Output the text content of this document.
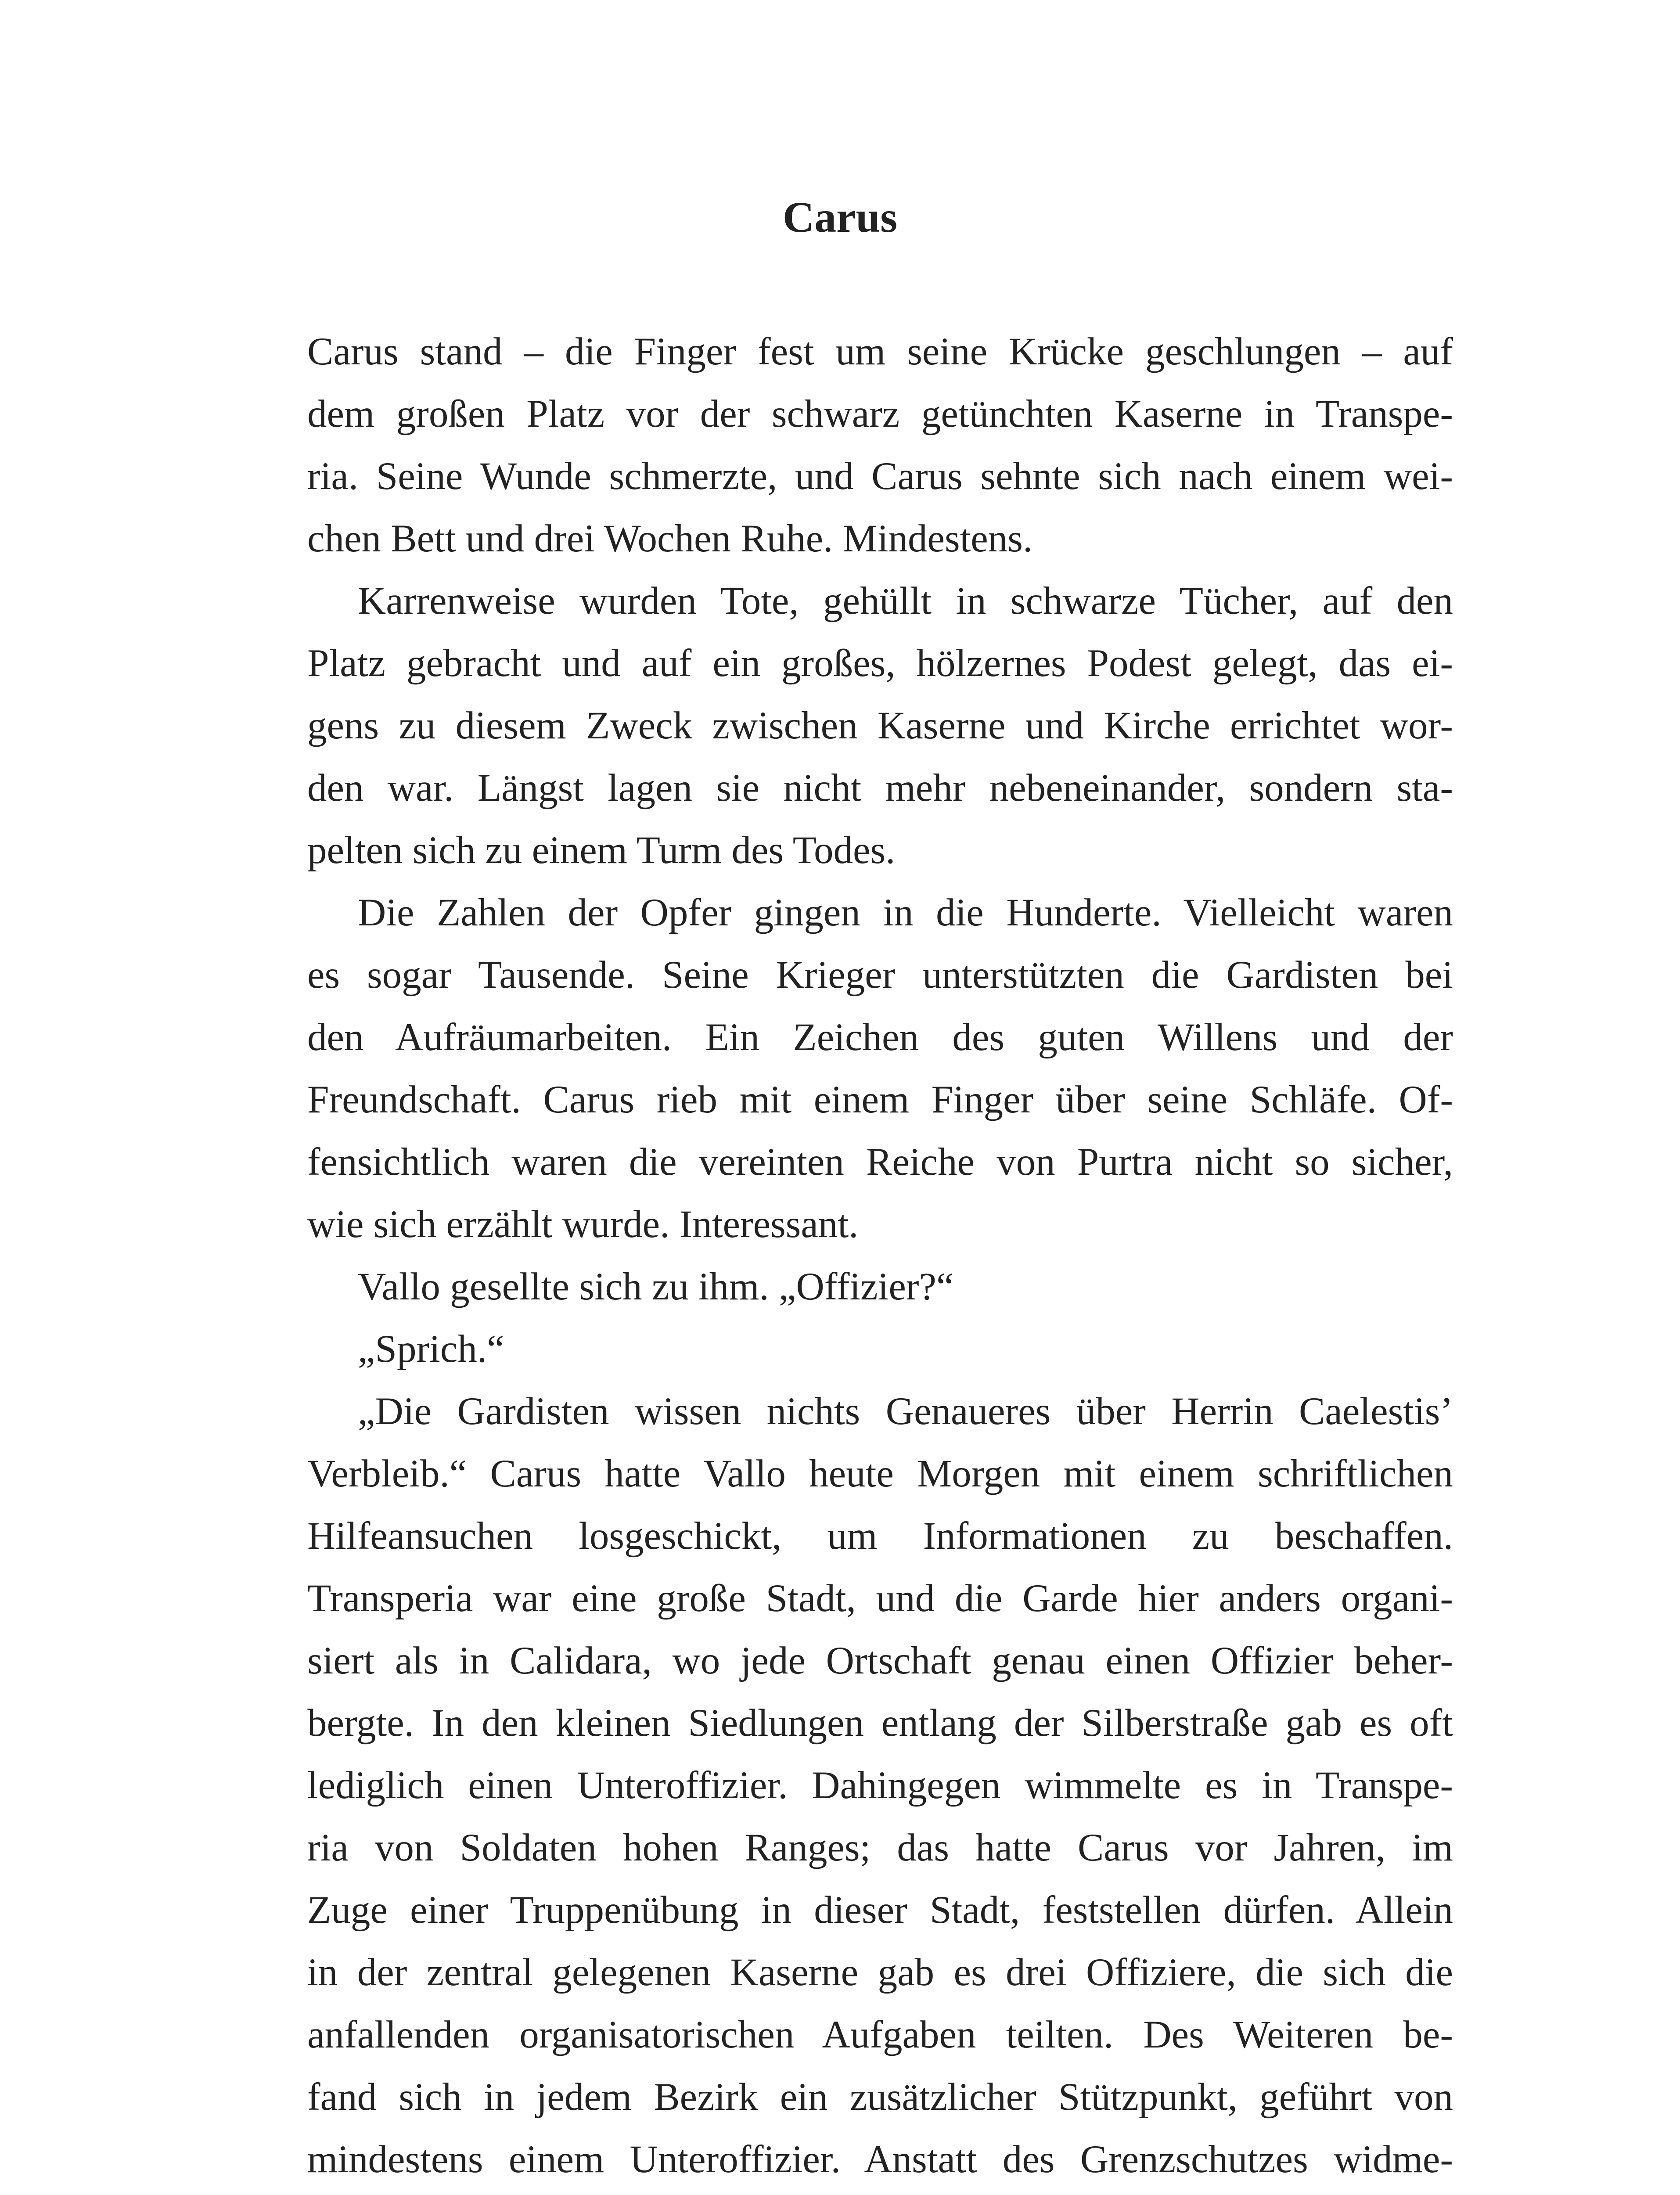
Carus

Carus stand – die Finger fest um seine Krücke geschlungen – auf
dem großen Platz vor der schwarz getünchten Kaserne in Transpe-
ria. Seine Wunde schmerzte, und Carus sehnte sich nach einem wei-
chen Bett und drei Wochen Ruhe. Mindestens.

Karrenweise wurden Tote, gehüllt in schwarze Tücher, auf den
Platz gebracht und auf ein großes, hölzernes Podest gelegt, das ei-
gens zu diesem Zweck zwischen Kaserne und Kirche errichtet wor-
den war. Längst lagen sie nicht mehr nebeneinander, sondern sta-
pelten sich zu einem Turm des Todes.

Die Zahlen der Opfer gingen in die Hunderte. Vielleicht waren
es sogar Tausende. Seine Krieger unterstützten die Gardisten bei
den Aufräumarbeiten. Ein Zeichen des guten Willens und der
Freundschaft. Carus rieb mit einem Finger über seine Schläfe. Of-
fensichtlich waren die vereinten Reiche von Purtra nicht so sicher,
wie sich erzählt wurde. Interessant.

Vallo gesellte sich zu ihm. „Offizier?“

„Sprich.“

„Die Gardisten wissen nichts Genaueres über Herrin Caelestis’
Verbleib.“ Carus hatte Vallo heute Morgen mit einem schriftlichen
Hilfeansuchen losgeschickt, um Informationen zu beschaffen.
Transperia war eine große Stadt, und die Garde hier anders organi-
siert als in Calidara, wo jede Ortschaft genau einen Offizier beher-
bergte. In den kleinen Siedlungen entlang der Silberstraße gab es oft
lediglich einen Unteroffizier. Dahingegen wimmelte es in Transpe-
ria von Soldaten hohen Ranges; das hatte Carus vor Jahren, im
Zuge einer Truppenübung in dieser Stadt, feststellen dürfen. Allein
in der zentral gelegenen Kaserne gab es drei Offiziere, die sich die
anfallenden organisatorischen Aufgaben teilten. Des Weiteren be-
fand sich in jedem Bezirk ein zusätzlicher Stützpunkt, geführt von
mindestens einem Unteroffizier. Anstatt des Grenzschutzes widme-
